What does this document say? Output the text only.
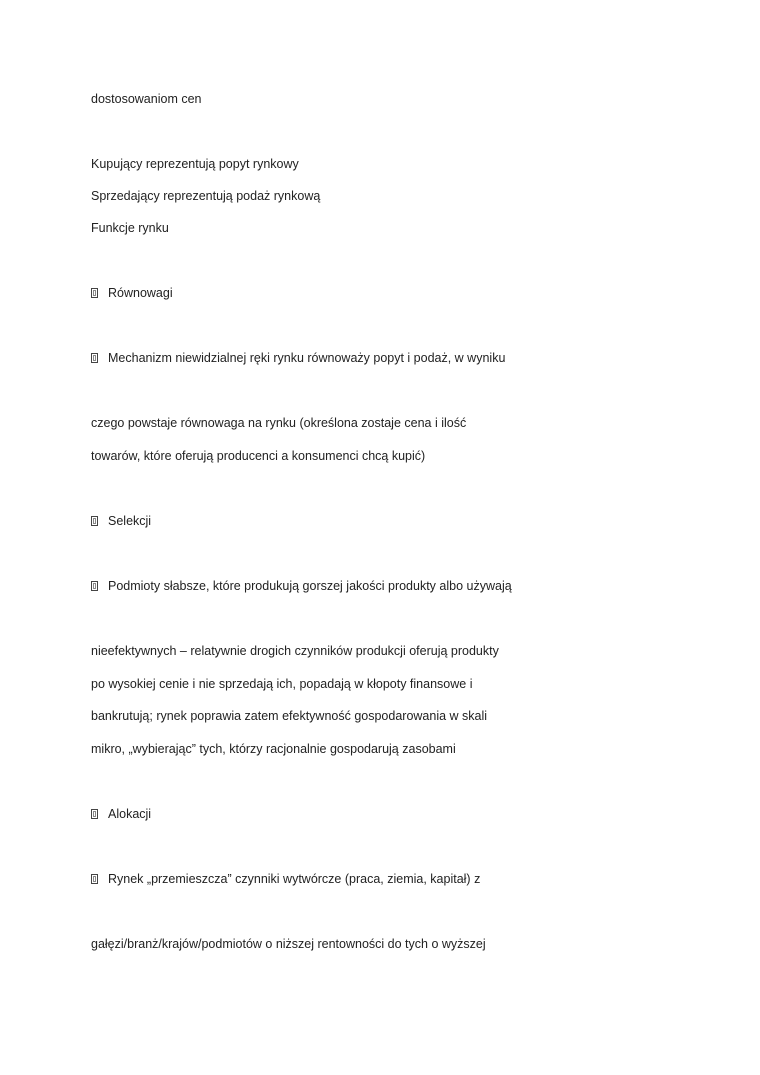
dostosowaniom cen
Kupujący reprezentują popyt rynkowy
Sprzedający reprezentują podaż rynkową
Funkcje rynku
Równowagi
Mechanizm niewidzialnej ręki rynku równoważy popyt i podaż, w wyniku
czego powstaje równowaga na rynku (określona zostaje cena i ilość
towarów, które oferują producenci a konsumenci chcą kupić)
Selekcji
Podmioty słabsze, które produkują gorszej jakości produkty albo używają
nieefektywnych – relatywnie drogich czynników produkcji oferują produkty
po wysokiej cenie i nie sprzedają ich, popadają w kłopoty finansowe i
bankrutują; rynek poprawia zatem efektywność gospodarowania w skali
mikro, „wybierając” tych, którzy racjonalnie gospodarują zasobami
Alokacji
Rynek „przemieszcza” czynniki wytwórcze (praca, ziemia, kapitał) z
gałęzi/branż/krajów/podmiotów o niższej rentowności do tych o wyższej
